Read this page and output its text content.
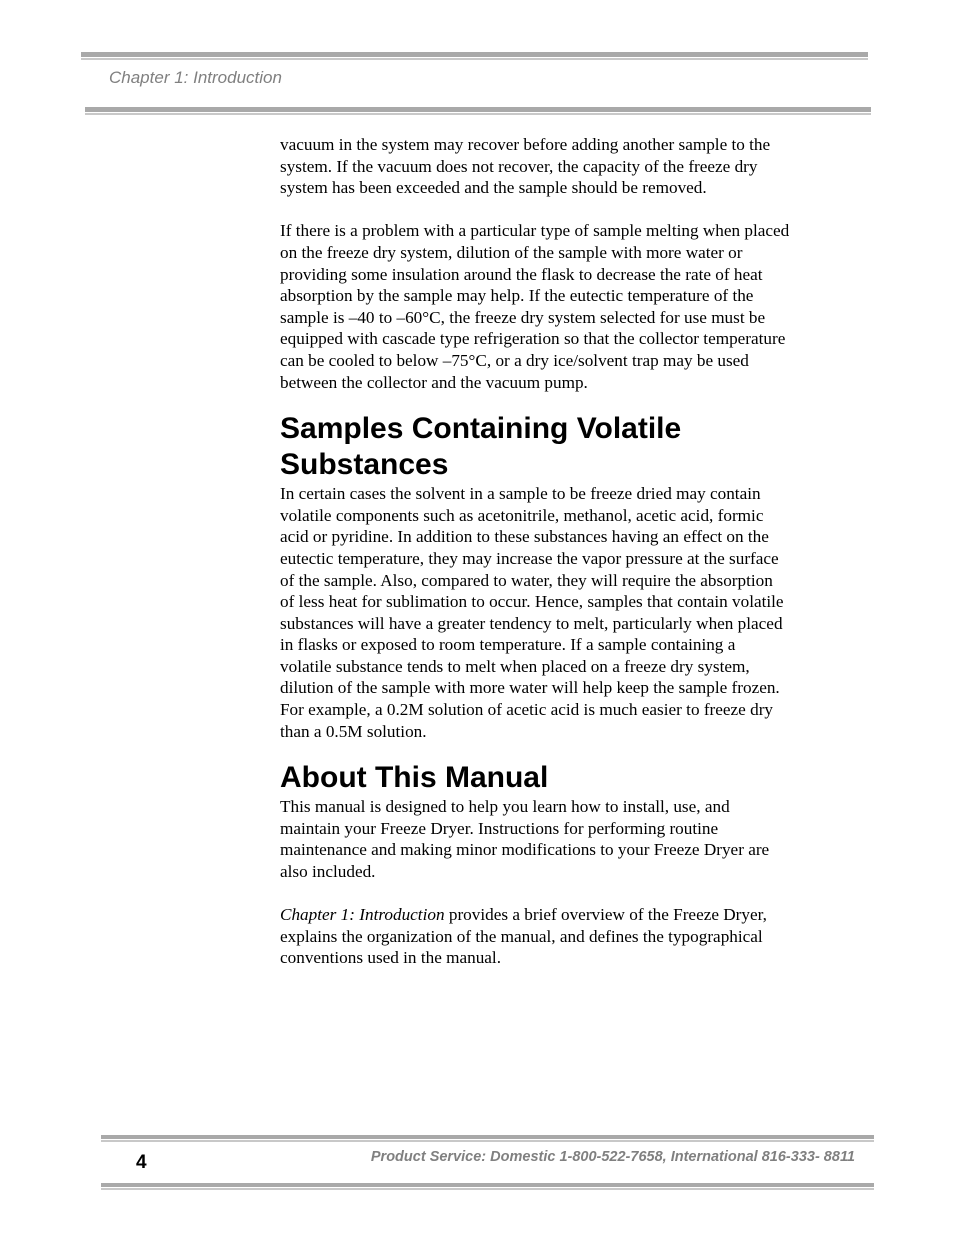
Chapter 1: Introduction

vacuum in the system may recover before adding another sample to the system. If the vacuum does not recover, the capacity of the freeze dry system has been exceeded and the sample should be removed.

If there is a problem with a particular type of sample melting when placed on the freeze dry system, dilution of the sample with more water or providing some insulation around the flask to decrease the rate of heat absorption by the sample may help. If the eutectic temperature of the sample is –40 to –60°C, the freeze dry system selected for use must be equipped with cascade type refrigeration so that the collector temperature can be cooled to below –75°C, or a dry ice/solvent trap may be used between the collector and the vacuum pump.

Samples Containing Volatile Substances

In certain cases the solvent in a sample to be freeze dried may contain volatile components such as acetonitrile, methanol, acetic acid, formic acid or pyridine. In addition to these substances having an effect on the eutectic temperature, they may increase the vapor pressure at the surface of the sample. Also, compared to water, they will require the absorption of less heat for sublimation to occur. Hence, samples that contain volatile substances will have a greater tendency to melt, particularly when placed in flasks or exposed to room temperature. If a sample containing a volatile substance tends to melt when placed on a freeze dry system, dilution of the sample with more water will help keep the sample frozen. For example, a 0.2M solution of acetic acid is much easier to freeze dry than a 0.5M solution.

About This Manual

This manual is designed to help you learn how to install, use, and maintain your Freeze Dryer. Instructions for performing routine maintenance and making minor modifications to your Freeze Dryer are also included.

Chapter 1: Introduction provides a brief overview of the Freeze Dryer, explains the organization of the manual, and defines the typographical conventions used in the manual.

4	Product Service: Domestic 1-800-522-7658, International 816-333- 8811
